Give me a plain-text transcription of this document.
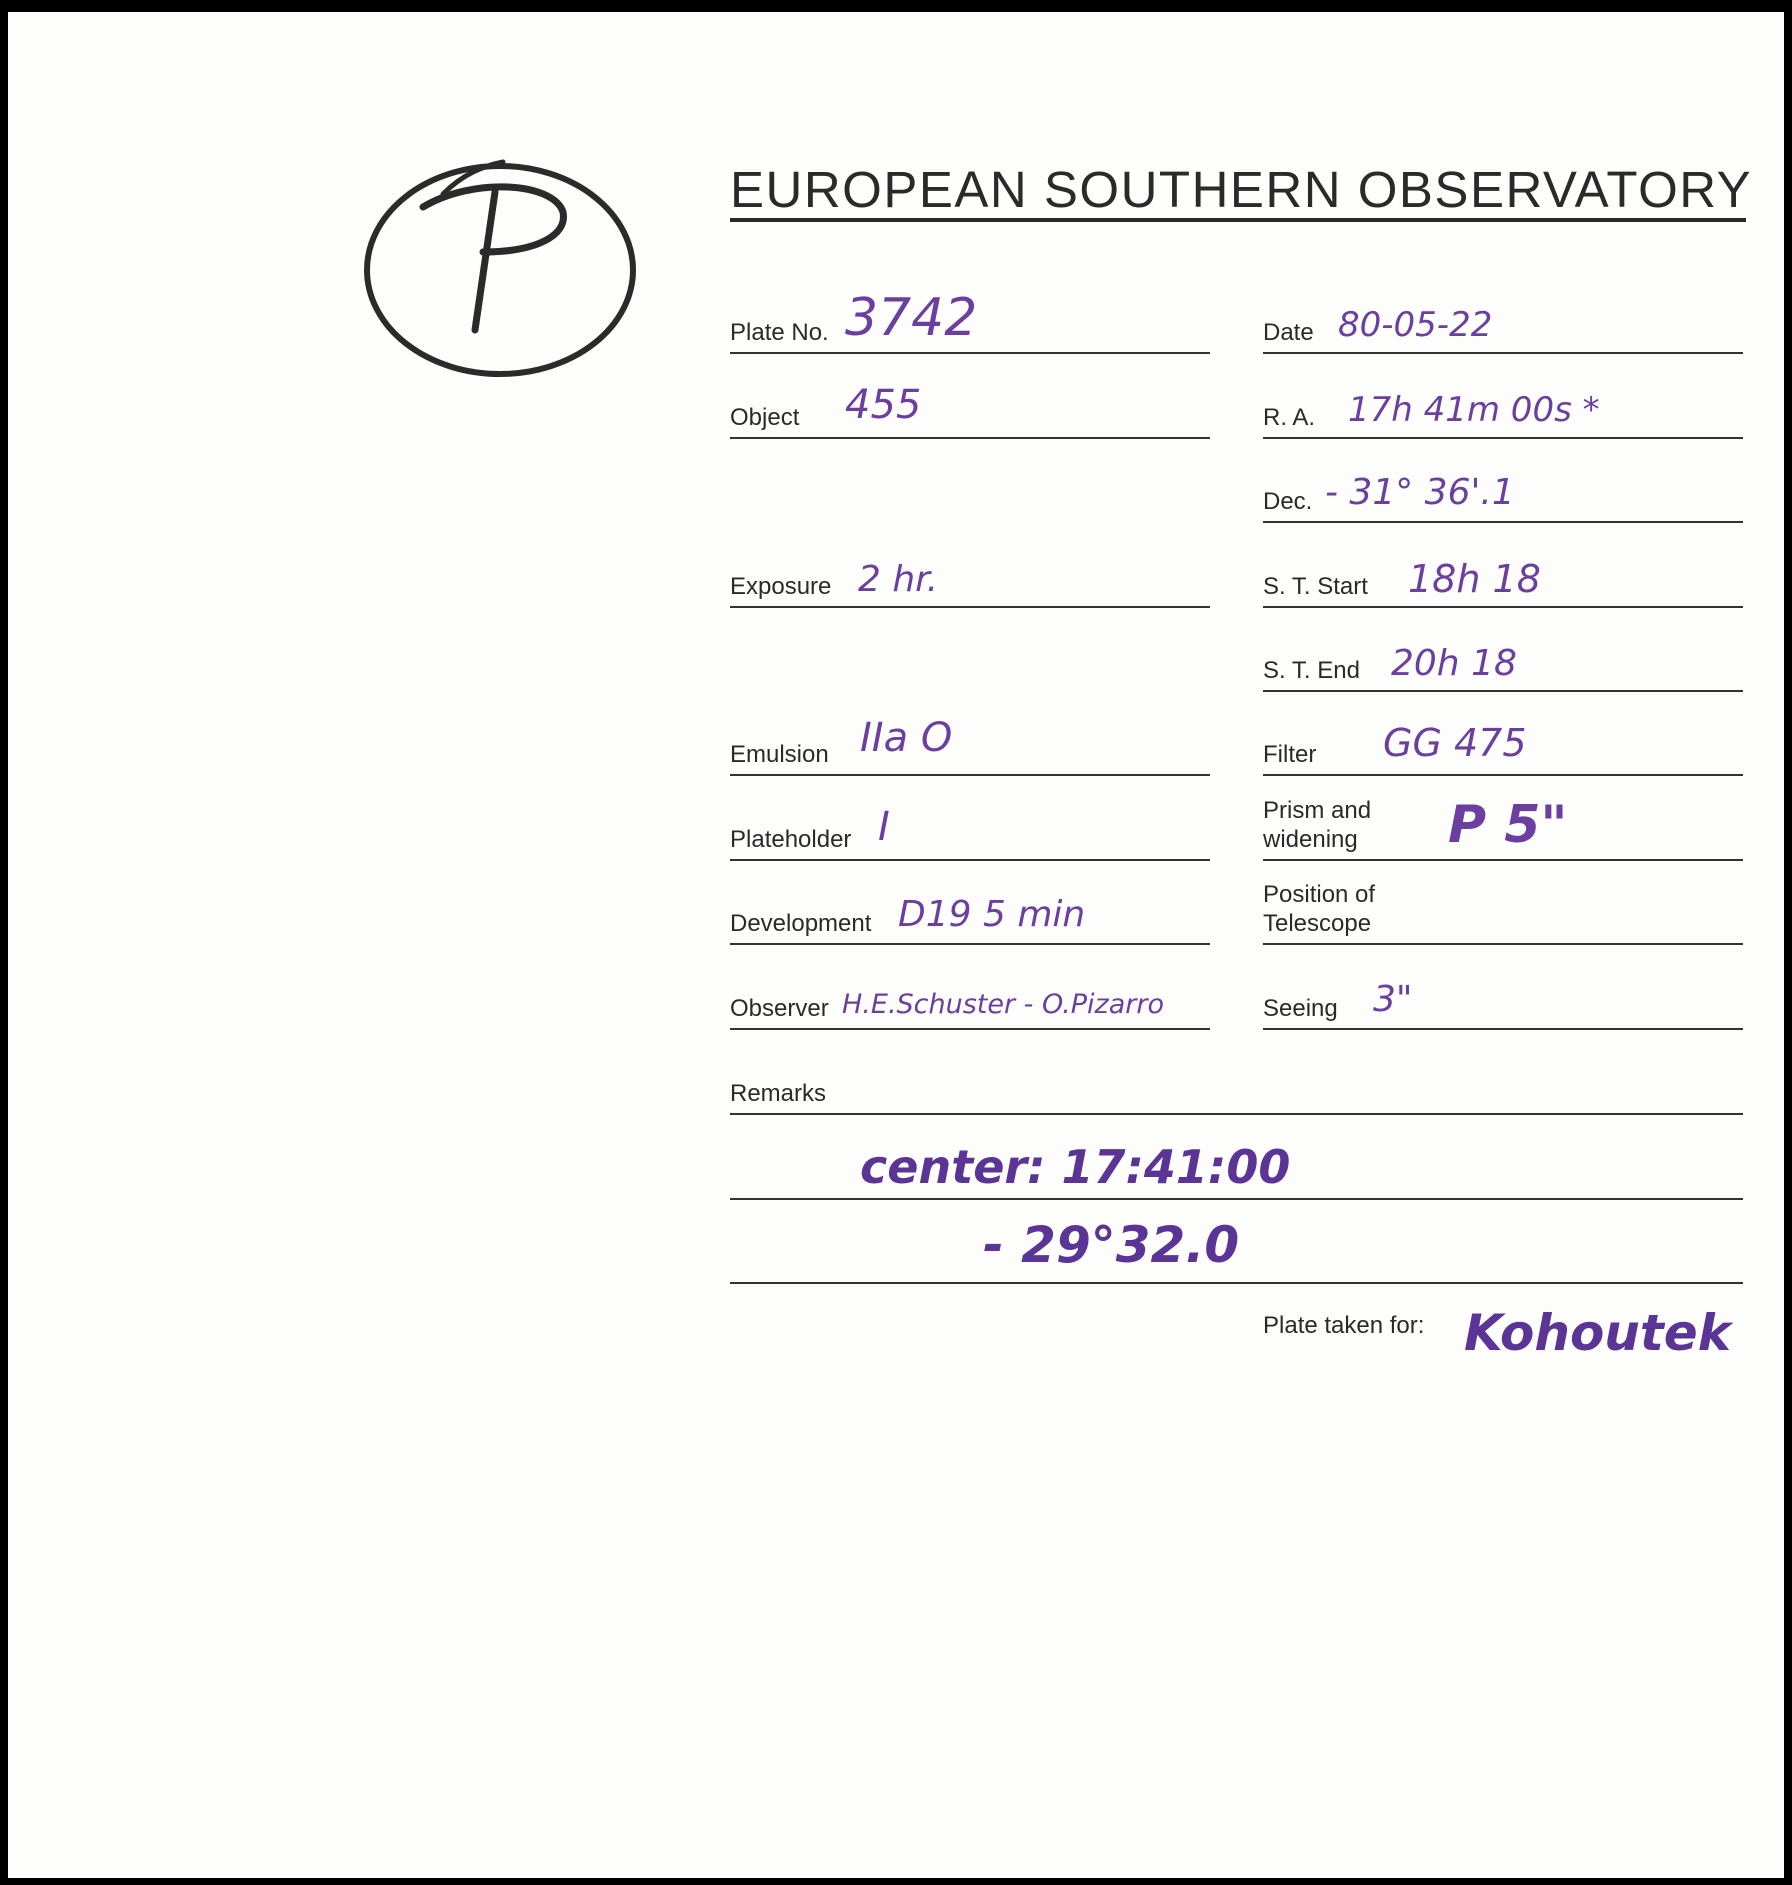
P
EUROPEAN SOUTHERN OBSERVATORY
Plate No. 3742
Object 455
Exposure 2 hr.
Emulsion IIa O
Plateholder I
Development D19 5 min
Observer H.E.Schuster - O.Pizarro
Date 80-05-22
R. A. 17h 41m 00s *
Dec. - 31° 36'.1
S. T. Start 18h 18
S. T. End 20h 18
Filter GG 475
Prism and
widening P 5"
Position of
Telescope
Seeing 3"
Remarks
center: 17:41:00
- 29°32.0
Plate taken for: Kohoutek
